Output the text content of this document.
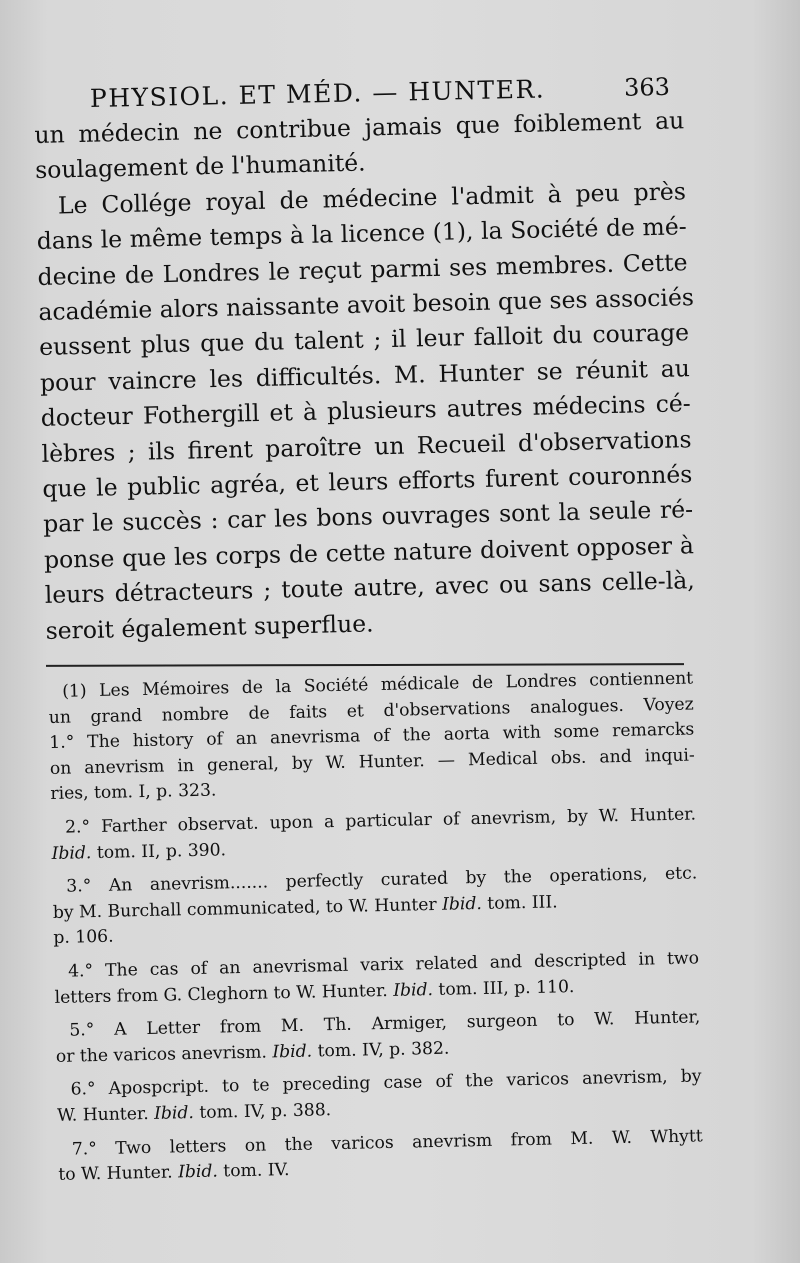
PHYSIOL. ET MÉD. — HUNTER.	363
un médecin ne contribue jamais que foiblement au
soulagement de l'humanité.
Le Collége royal de médecine l'admit à peu près
dans le même temps à la licence (1), la Société de mé-
decine de Londres le reçut parmi ses membres. Cette
académie alors naissante avoit besoin que ses associés
eussent plus que du talent ; il leur falloit du courage
pour vaincre les difficultés. M. Hunter se réunit au
docteur Fothergill et à plusieurs autres médecins cé-
lèbres ; ils firent paroître un Recueil d'observations
que le public agréa, et leurs efforts furent couronnés
par le succès : car les bons ouvrages sont la seule ré-
ponse que les corps de cette nature doivent opposer à
leurs détracteurs ; toute autre, avec ou sans celle-là,
seroit également superflue.
(1) Les Mémoires de la Société médicale de Londres contiennent
un grand nombre de faits et d'observations analogues. Voyez
1.° The history of an anevrisma of the aorta with some remarcks
on anevrism in general, by W. Hunter. — Medical obs. and inqui-
ries, tom. I, p. 323.
2.° Farther observat. upon a particular of anevrism, by W. Hunter.
Ibid. tom. II, p. 390.
3.° An anevrism....... perfectly curated by the operations, etc.
by M. Burchall communicated, to W. Hunter Ibid. tom. III.
p. 106.
4.° The cas of an anevrismal varix related and descripted in two
letters from G. Cleghorn to W. Hunter. Ibid. tom. III, p. 110.
5.° A Letter from M. Th. Armiger, surgeon to W. Hunter,
or the varicos anevrism. Ibid. tom. IV, p. 382.
6.° Apospcript. to te preceding case of the varicos anevrism, by
W. Hunter. Ibid. tom. IV, p. 388.
7.° Two letters on the varicos anevrism from M. W. Whytt
to W. Hunter. Ibid. tom. IV.
